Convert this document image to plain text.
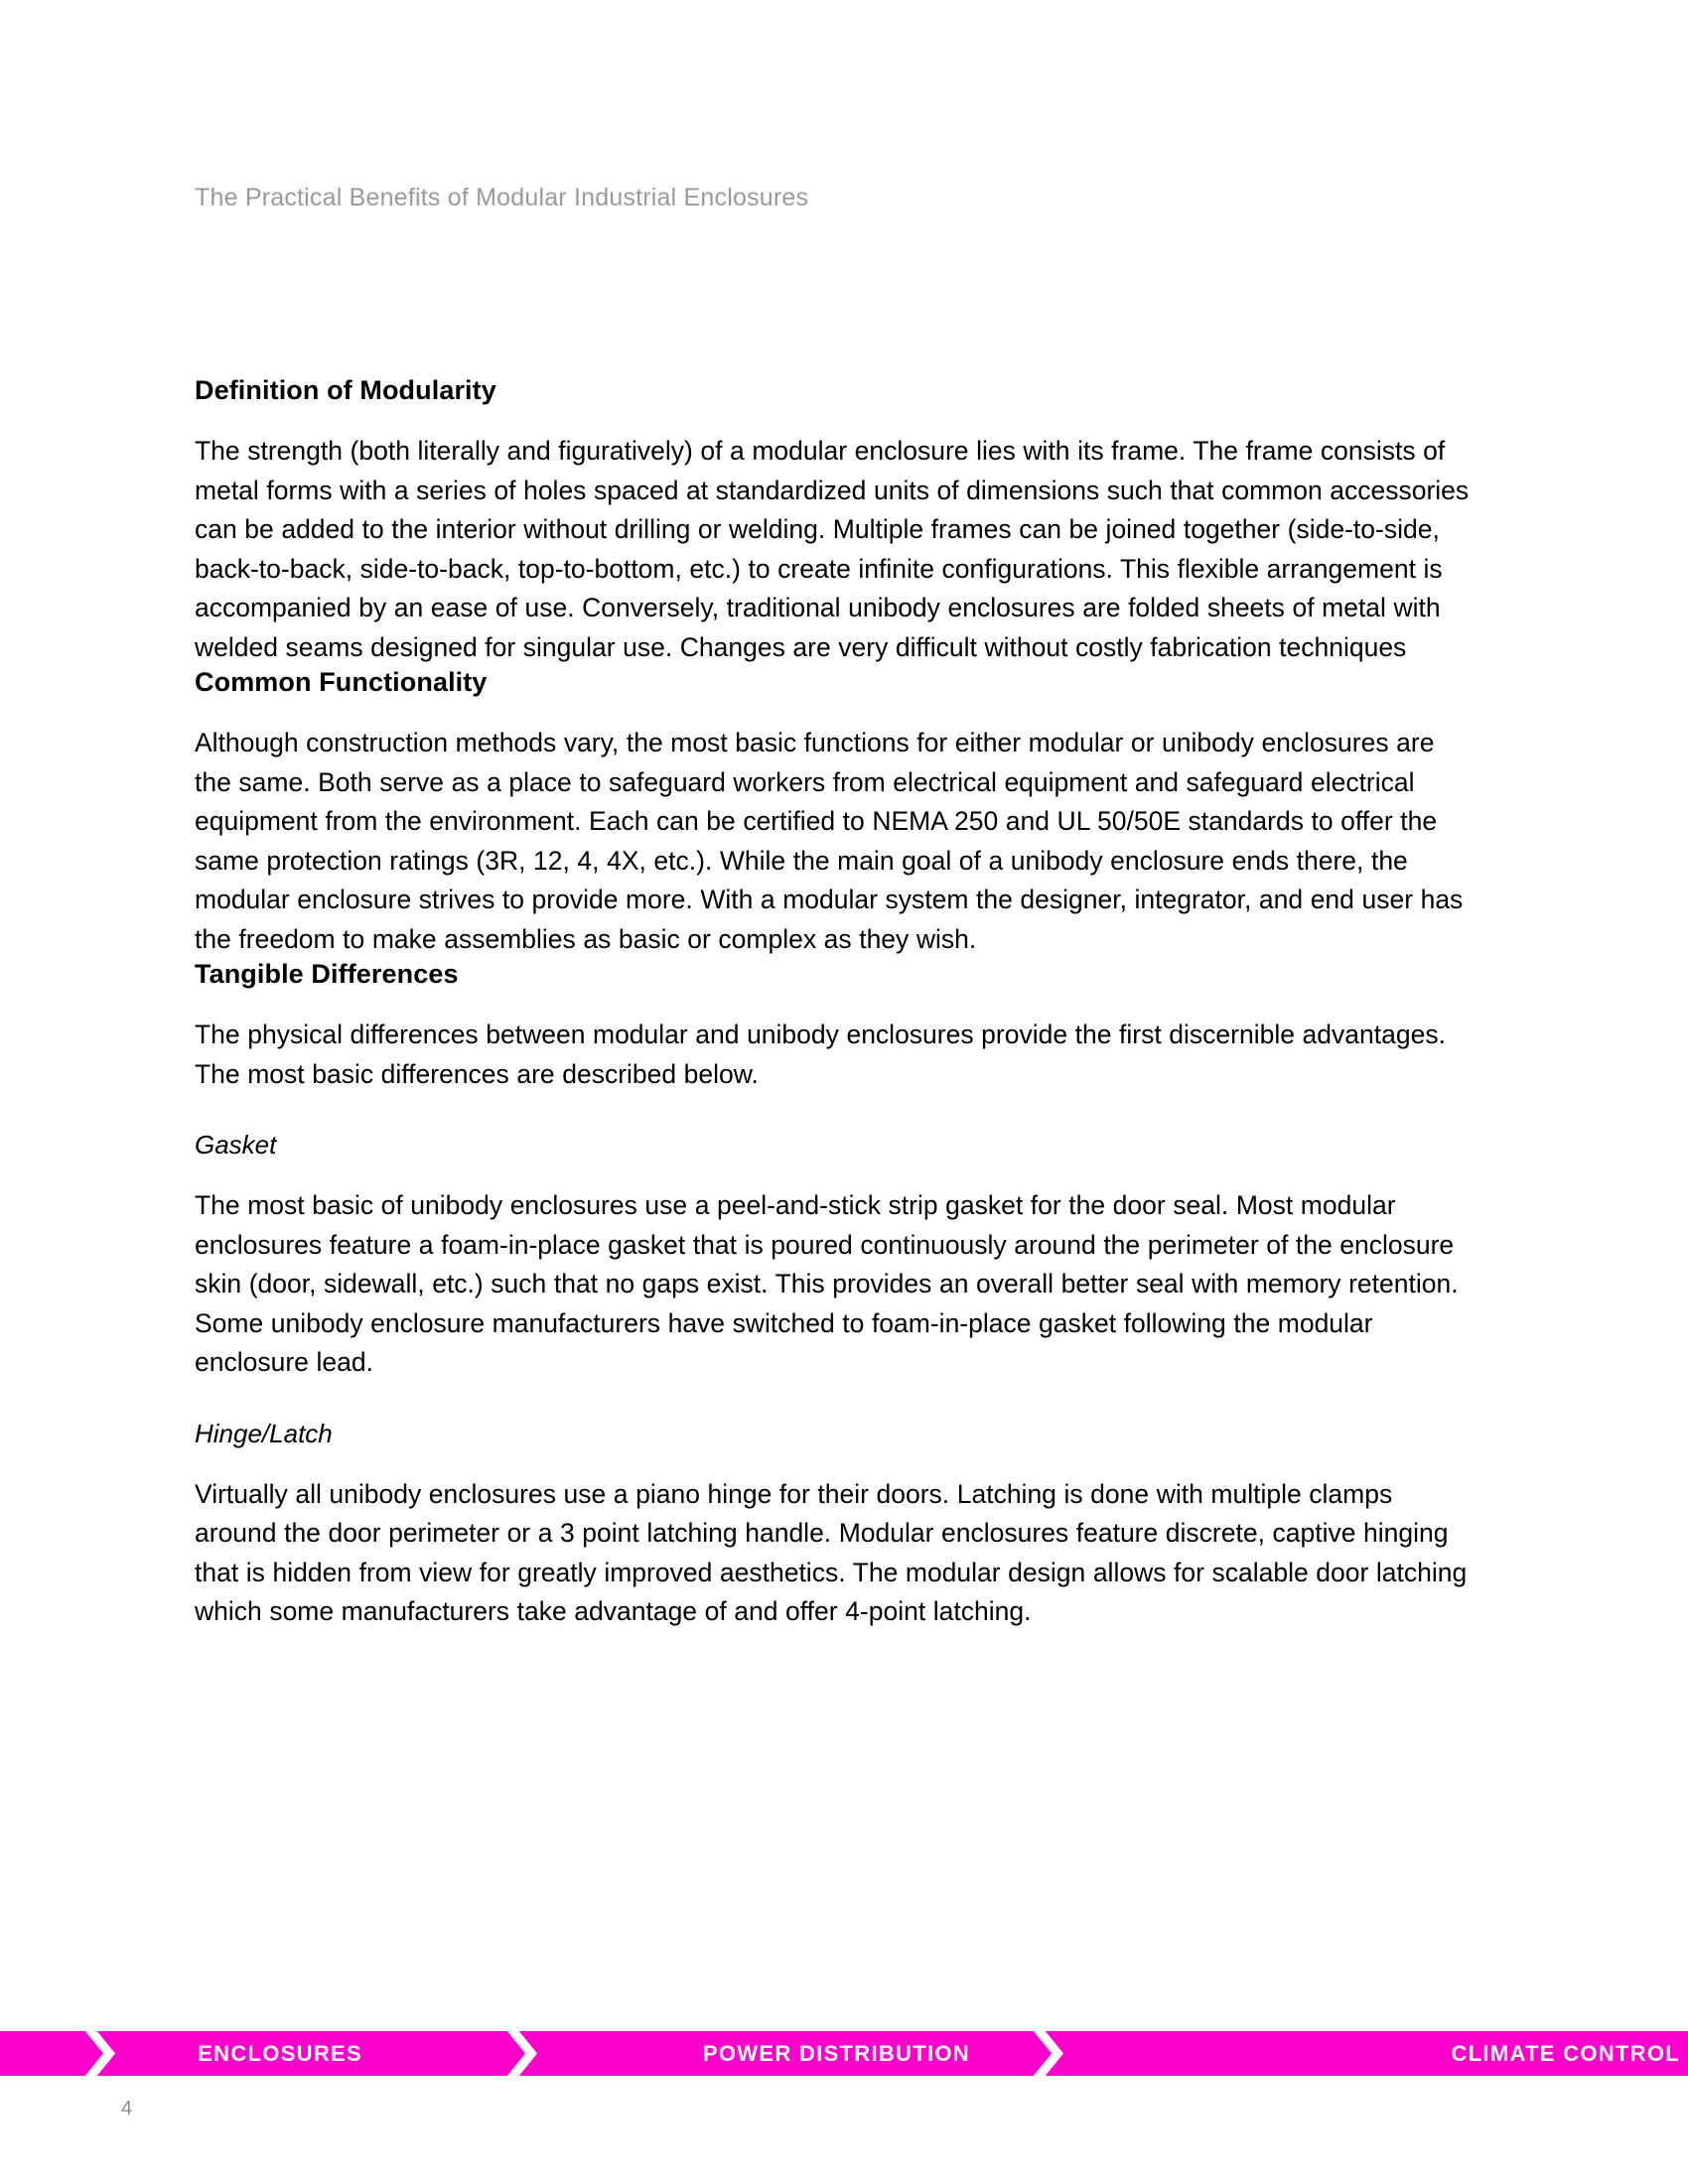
The Practical Benefits of Modular Industrial Enclosures
Definition of Modularity

The strength (both literally and figuratively) of a modular enclosure lies with its frame. The frame consists of metal forms with a series of holes spaced at standardized units of dimensions such that common accessories can be added to the interior without drilling or welding. Multiple frames can be joined together (side-to-side, back-to-back, side-to-back, top-to-bottom, etc.) to create infinite configurations. This flexible arrangement is accompanied by an ease of use. Conversely, traditional unibody enclosures are folded sheets of metal with welded seams designed for singular use. Changes are very difficult without costly fabrication techniques

Common Functionality

Although construction methods vary, the most basic functions for either modular or unibody enclosures are the same. Both serve as a place to safeguard workers from electrical equipment and safeguard electrical equipment from the environment. Each can be certified to NEMA 250 and UL 50/50E standards to offer the same protection ratings (3R, 12, 4, 4X, etc.). While the main goal of a unibody enclosure ends there, the modular enclosure strives to provide more. With a modular system the designer, integrator, and end user has the freedom to make assemblies as basic or complex as they wish.

Tangible Differences

The physical differences between modular and unibody enclosures provide the first discernible advantages. The most basic differences are described below.

Gasket

The most basic of unibody enclosures use a peel-and-stick strip gasket for the door seal. Most modular enclosures feature a foam-in-place gasket that is poured continuously around the perimeter of the enclosure skin (door, sidewall, etc.) such that no gaps exist. This provides an overall better seal with memory retention. Some unibody enclosure manufacturers have switched to foam-in-place gasket following the modular enclosure lead.

Hinge/Latch

Virtually all unibody enclosures use a piano hinge for their doors. Latching is done with multiple clamps around the door perimeter or a 3 point latching handle. Modular enclosures feature discrete, captive hinging that is hidden from view for greatly improved aesthetics. The modular design allows for scalable door latching which some manufacturers take advantage of and offer 4-point latching.

ENCLOSURES	POWER DISTRIBUTION	CLIMATE CONTROL
4
